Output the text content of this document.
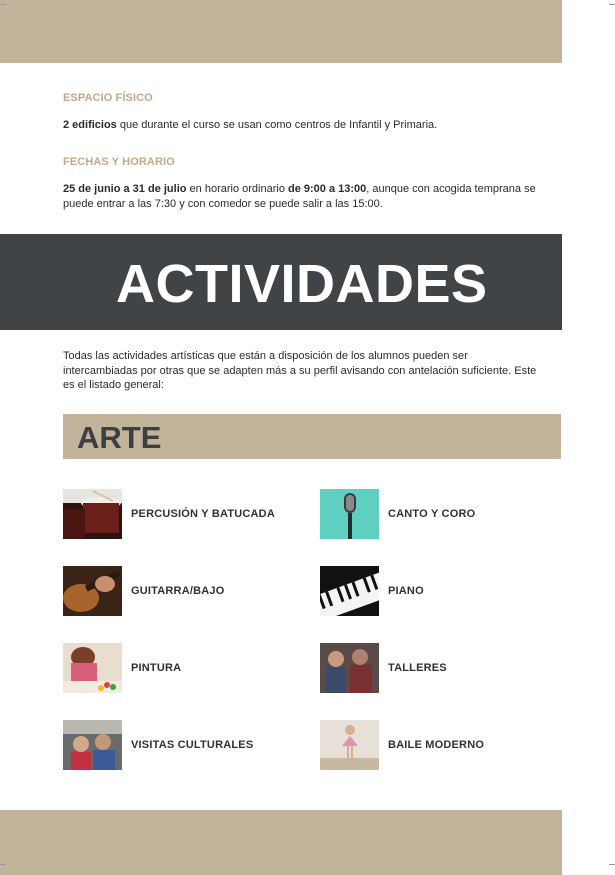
ESPACIO FÍSICO
2 edificios que durante el curso se usan como centros de Infantil y Primaria.
FECHAS Y HORARIO
25 de junio a 31 de julio en horario ordinario de 9:00 a 13:00, aunque con acogida temprana se puede entrar a las 7:30 y con comedor se puede salir a las 15:00.
ACTIVIDADES
Todas las actividades artísticas que están a disposición de los alumnos pueden ser intercambiadas por otras que se adapten más a su perfil avisando con antelación suficiente. Este es el listado general:
ARTE
PERCUSIÓN Y BATUCADA	CANTO Y CORO
GUITARRA/BAJO	PIANO
PINTURA	TALLERES
VISITAS CULTURALES	BAILE MODERNO
